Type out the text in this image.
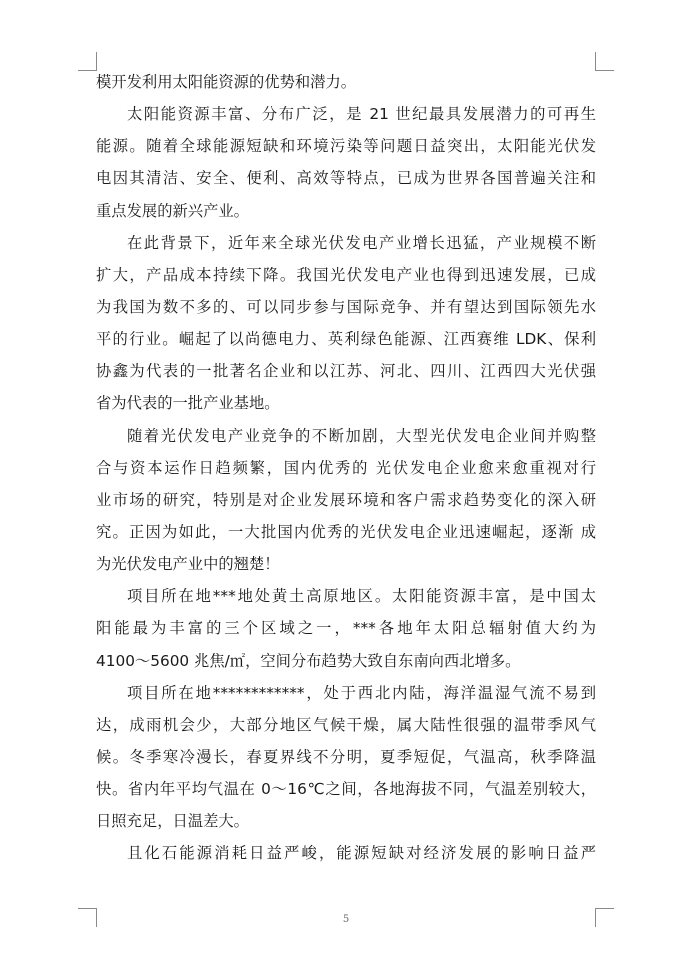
模开发利用太阳能资源的优势和潜力。
太阳能资源丰富、分布广泛，是 21 世纪最具发展潜力的可再生
能源。随着全球能源短缺和环境污染等问题日益突出，太阳能光伏发
电因其清洁、安全、便利、高效等特点，已成为世界各国普遍关注和
重点发展的新兴产业。
在此背景下，近年来全球光伏发电产业增长迅猛，产业规模不断
扩大，产品成本持续下降。我国光伏发电产业也得到迅速发展，已成
为我国为数不多的、可以同步参与国际竞争、并有望达到国际领先水
平的行业。崛起了以尚德电力、英利绿色能源、江西赛维 LDK、保利
协鑫为代表的一批著名企业和以江苏、河北、四川、江西四大光伏强
省为代表的一批产业基地。
随着光伏发电产业竞争的不断加剧，大型光伏发电企业间并购整
合与资本运作日趋频繁，国内优秀的 光伏发电企业愈来愈重视对行
业市场的研究，特别是对企业发展环境和客户需求趋势变化的深入研
究。正因为如此，一大批国内优秀的光伏发电企业迅速崛起，逐渐 成
为光伏发电产业中的翘楚！
项目所在地***地处黄土高原地区。太阳能资源丰富，是中国太
阳能最为丰富的三个区域之一，***各地年太阳总辐射值大约为
4100～5600 兆焦/㎡，空间分布趋势大致自东南向西北增多。
项目所在地************，处于西北内陆，海洋温湿气流不易到
达，成雨机会少，大部分地区气候干燥，属大陆性很强的温带季风气
候。冬季寒冷漫长，春夏界线不分明，夏季短促，气温高，秋季降温
快。省内年平均气温在 0～16℃之间，各地海拔不同，气温差别较大，
日照充足，日温差大。
且化石能源消耗日益严峻，能源短缺对经济发展的影响日益严
5
